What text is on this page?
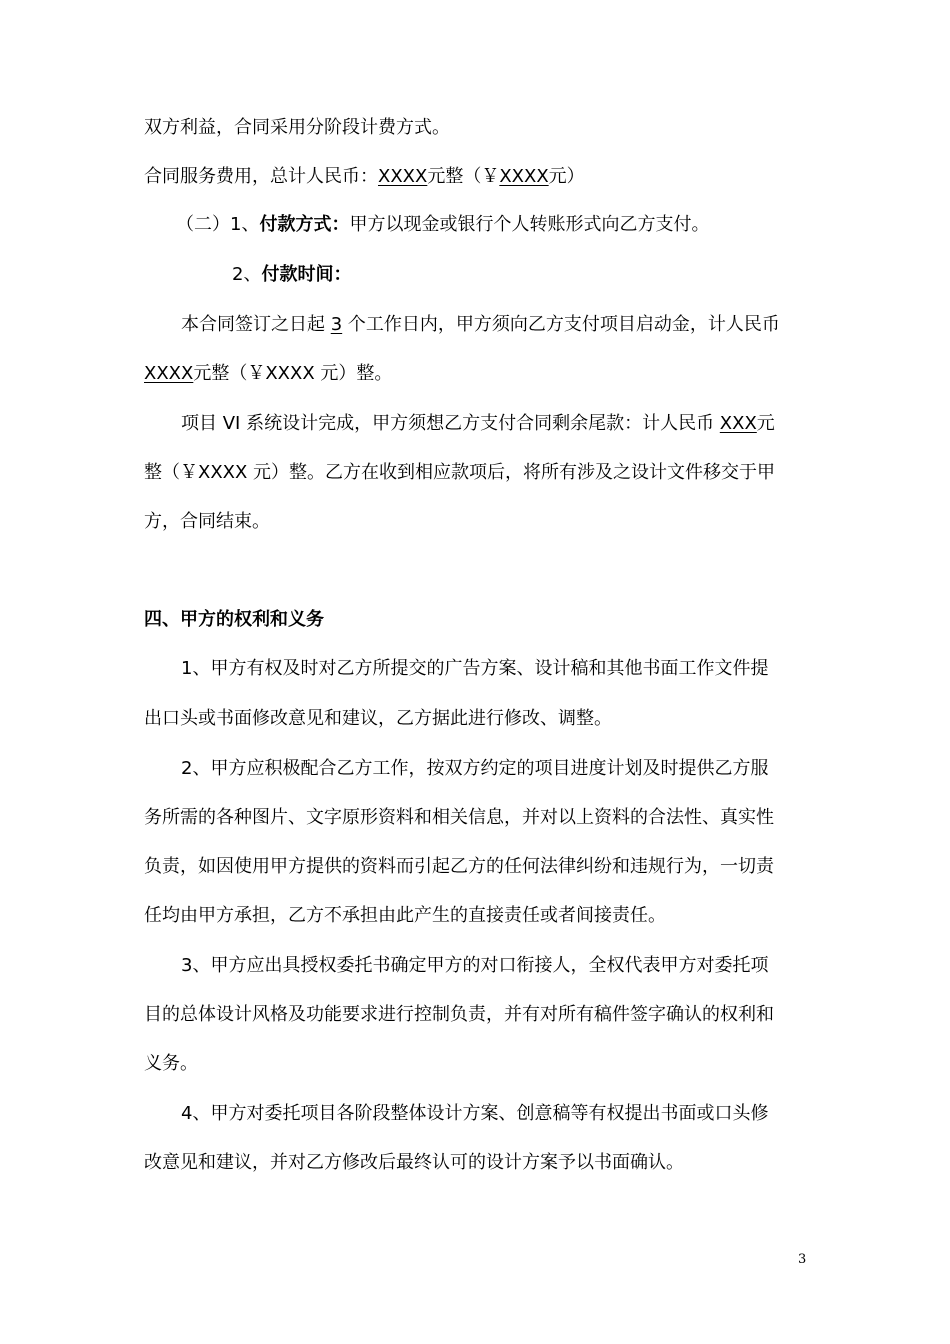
双方利益，合同采用分阶段计费方式。
合同服务费用，总计人民币：XXXX元整（￥XXXX元）
（二）1、付款方式：甲方以现金或银行个人转账形式向乙方支付。
2、付款时间：
本合同签订之日起 3 个工作日内，甲方须向乙方支付项目启动金，计人民币
XXXX元整（￥XXXX 元）整。
项目 VI 系统设计完成，甲方须想乙方支付合同剩余尾款：计人民币 XXX元
整（￥XXXX 元）整。乙方在收到相应款项后，将所有涉及之设计文件移交于甲
方，合同结束。
四、甲方的权利和义务
1、甲方有权及时对乙方所提交的广告方案、设计稿和其他书面工作文件提
出口头或书面修改意见和建议，乙方据此进行修改、调整。
2、甲方应积极配合乙方工作，按双方约定的项目进度计划及时提供乙方服
务所需的各种图片、文字原形资料和相关信息，并对以上资料的合法性、真实性
负责，如因使用甲方提供的资料而引起乙方的任何法律纠纷和违规行为，一切责
任均由甲方承担，乙方不承担由此产生的直接责任或者间接责任。
3、甲方应出具授权委托书确定甲方的对口衔接人，全权代表甲方对委托项
目的总体设计风格及功能要求进行控制负责，并有对所有稿件签字确认的权利和
义务。
4、甲方对委托项目各阶段整体设计方案、创意稿等有权提出书面或口头修
改意见和建议，并对乙方修改后最终认可的设计方案予以书面确认。
3
